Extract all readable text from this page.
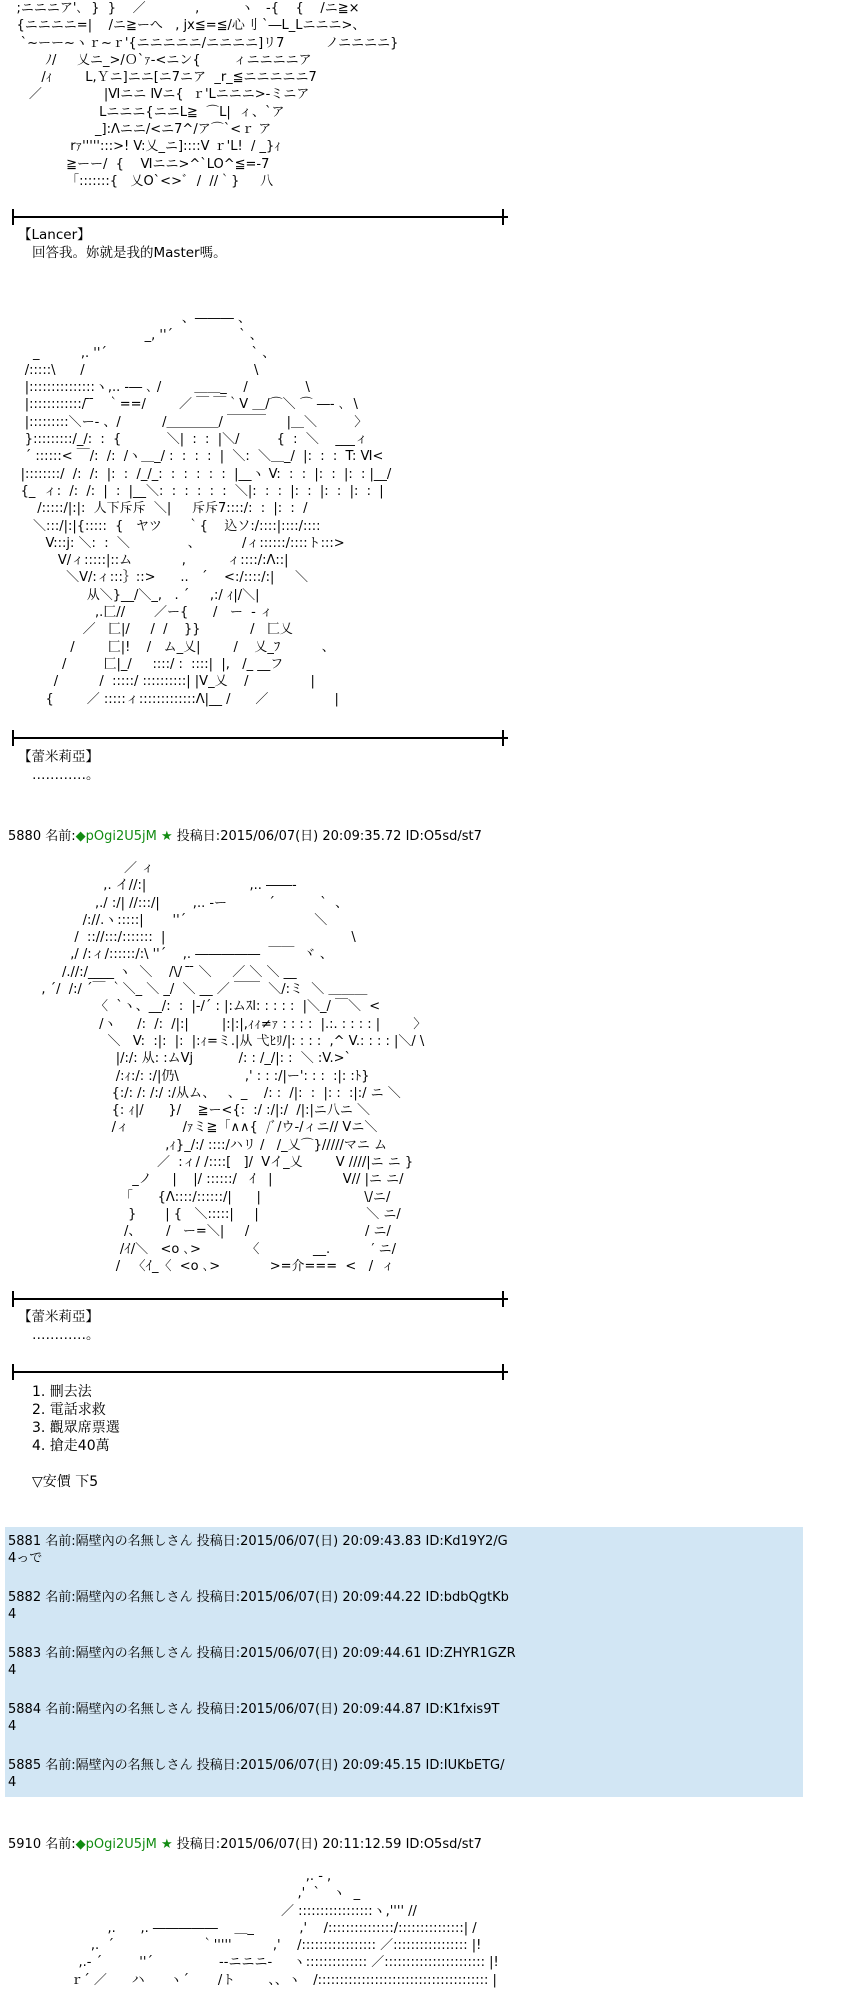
;ニニニア'､  }  }    ／            ,          ヽ   -{    {    /ニ≧×
{ニニニニ=|    /ニ≧ーへ   , jx≦=≦/心刂 ˋ―L_Lニニニ>、
ˋ~ーー~ヽｒ~ｒ'{ニニニニニ/ニニニニ]リ7          ノニニニニ}
ﾉ/     乂ニ_>/Ｏ`ｧ-<ニン{        ィニニニニア
/ｨ        L,Ｙニ]ニニ[ニ7ニア  _r_≦ニニニニニ7
／               |Ⅵニニ Ⅳニ{  ｒ'Lニニニ>-ミニア
Lニニニ{ニニL≧  ⌒L|  ィ、`ア
_]:Λニニ/<ニ7^/ア⌒`<ｒ ア
rｧ''''':::>! V:乂_ニ]::::V ｒ'L!  / _}ｨ
≧ーー/  {    Ⅵニニ>^`LO^≦=-7
「:::::::{   乂O`<>ﾞ  /  //｀}     八
【Lancer】
回答我。妳就是我的Master嗎。
、――― 、
_, ''´                ` 、
_          ,. ''´                                   ` 、
/:::::\      /                                         \
|:::::::::::::::ヽ,.. -― ､ /        ＿＿_    /              \
|::::::::::::/ ̄ ̄   ｀==/        ／ ￣ ￣｀V ＿/⌒＼ ⌒ ―- ､  \
|:::::::::＼ー- 、/          /＿＿＿＿/ ￣￣￣     |＿＼         〉
}:::::::::/_/:  :  {           ＼|  :  :  |＼/         {  :  ＼    ___ィ
´ ::::::< ￣/:  /:  /ヽ＿_/ :  :  :  :  |  ＼:  ＼＿_/  |:  :  :  T: Ⅵ<
|::::::::/  /:  /:  |:  :  /_/_:  :  :  :  :  :  |__ヽ V:  :  :  |:  :  |:  : |__/
{_  ィ:  /:  /:  |  :  |__＼:  :  :  :  :  :  ＼|:  :  :  |:  :  |:  :  |:  :  |
/:::::/|:|:  人下斥斥  ＼|     斥斥7::::/:  :  |:  :  /
＼:::/|:|{:::::  {   ヤツ      ｀{    込ソ:/::::|::::/::::
V:::j: ＼:  :  ＼              、          /ィ::::::/::::ト:::>
V/ィ:::::|::ム            ,          ィ::::/:Λ::|
＼V/:ィ:::｝::>      ..   ´    <:/::::/:|     ＼
从＼}__/＼_,   . ´     ,:/ ｨ|/＼|
,.匚//       ／ー{      /   ー  ‐ ィ
／   匚|/     /  /    }}            /   匚乂
/        匚|!    /   ム_乂|        /    乂_ﾌ          、
/         匚|_/     ::::/ :  ::::|  |,   /_ __フ
/          /  :::::/ ::::::::::| |V_乂    /               |
{        ／ :::::ィ:::::::::::::Λ|__ /      ／                |
【蕾米莉亞】
…………。
5880 名前:◆pOgi2U5jM ★ 投稿日:2015/06/07(日) 20:09:35.72 ID:O5sd/st7
／ ィ
,. イ//:|                         ,.. ――-
,./ :/| //:::/|        ,.. -ー          ´           `  、
/://.ヽ:::::|       ''´                               ＼
/  :://:::/:::::::  |                                             \
,/ /:ィ/::::::/:\ ''´    ,. ―――――  ￣￣  ヾ 、
/.//:/____ ヽ  ＼    /\/  ̄ ̄ ＼     ／ ＼ ＼ __
, ´/  /:/ ´￣ ｀＼_ ＼ _/  ＼ __ ／ ￣￣  ＼/:ミ  ＼ ＿＿＿
〈  `ヽ、__/:  :  |-/´ : |:ムｽl: : : : :  |＼_/ ￣＼  <
/ヽ     /:  /:  /|:|        |:|:|,ｨｨ≠ｧ : : : :  |.:. : : : : |        〉
＼   V:  :|:  |:  |:ｨ=ミ.|从 弋ﾋﾘ/|: : : :  ,^ V.: : : : |＼/ \
|/:/: 从: :ムVj           /: : /_/|: :  ＼ :V.>`
/:ｨ:/: :/|仍\                ,' : : :/|ー': : :  :|: :ﾄ}
{:/: /: /:/ :/从ム、   、_    /: :  /|:  :  |: :  :|:/ ニ ＼
{: ｨ|/      }/    ≧ー<{:  :/ :/|:/  /|:|ニ八ニ ＼
/ィ             /ｧミ≧「∧∧{  /ﾞ/ウ-/ィニ// Vニ＼
,ｨ}_/:/ ::::/ハリ /   /_乂⌒}/////マニ ム
／  :ィ/ /::::[   ]/  Vイ_乂        V ////|ニ ニ }
_ノ     |    |/ ::::::/   ｲ   |                 V// |ニ ニ/
「      {Λ::::/::::::/|      |                         \/ニ/
}       | {   ＼:::::|     |                          ＼ ニ/
/、      /   ー=＼|     /                            / ニ/
/ｲ/＼   <o ､>           〈             __.          ′ ニ/
/   〈ｲ_〈  <o ､>            >=介===  <   /  ィ
【蕾米莉亞】
…………。
1. 刪去法
2. 電話求救
3. 觀眾席票選
4. 搶走40萬
▽安價 下5
5881 名前:隔壁內の名無しさん 投稿日:2015/06/07(日) 20:09:43.83 ID:Kd19Y2/G
4っで
5882 名前:隔壁內の名無しさん 投稿日:2015/06/07(日) 20:09:44.22 ID:bdbQgtKb
4
5883 名前:隔壁內の名無しさん 投稿日:2015/06/07(日) 20:09:44.61 ID:ZHYR1GZR
4
5884 名前:隔壁內の名無しさん 投稿日:2015/06/07(日) 20:09:44.87 ID:K1fxis9T
4
5885 名前:隔壁內の名無しさん 投稿日:2015/06/07(日) 20:09:45.15 ID:IUKbETG/
4
5910 名前:◆pOgi2U5jM ★ 投稿日:2015/06/07(日) 20:11:12.59 ID:O5sd/st7
,. ‐ ,
,'  `   ヽ  _
／ :::::::::::::::::ヽ,'''' //
,.      ,. ―――――    ＿_           ,'    /:::::::::::::::/:::::::::::::::| /
,.  ´                     ｀'''''          ,'    /::::::::::::::::: ／::::::::::::::::: |!
,.- ´         ''´                ‐-ニニニ-     ヽ:::::::::::::: ／::::::::::::::::::::::: |!
ｒ´ ／      ハ      ヽ´       /ト        、、ヽ   /::::::::::::::::::::::::::::::::::::::: |
